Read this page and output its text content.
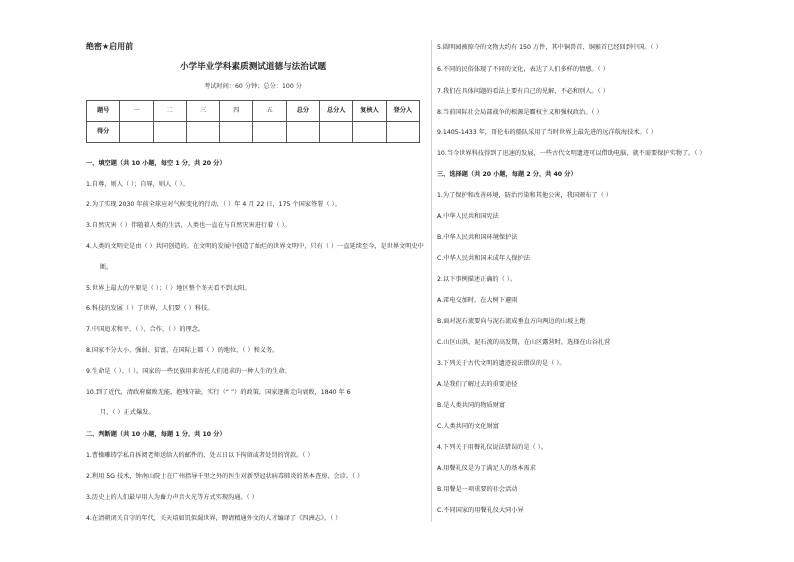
绝密★启用前
小学毕业学科素质测试道德与法治试题
考试时间：60 分钟；总分：100 分
题号	一	二	三	四	五	总分	总分人	复核人	登分人
得分									
一、填空题（共 10 小题，每空 1 分，共 20 分）
1.自尊，则人（ ）；自辱，则人（ ）。
2.为了实现 2030 年前全球应对气候变化的行动，（ ）年 4 月 22 日，175 个国家签署（ ）。
3.自然灾害（ ）伴随着人类的生活，人类也一直在与自然灾害进行着（ ）。
4.人类的文明史是由（ ）共同创造的。在文明的发展中创造了灿烂的世界文明中，只有（ ）一直延续至今，是世界文明史中
断。
5.世界上最大的平原是（ ）；（ ）地区整个冬天看不到太阳。
6.科技的发展（ ）了世界，人们要（ ）科技。
7.中国追求和平、（ ）、合作、（ ）的理念。
8.国家不分大小、强弱、贫富，在国际上都（ ）的地位、（ ）和义务。
9.生命是（ ）、（ ）。国家的一些民族用来寄托人们追求的一种人生的生命。
10.到了近代，清政府腐败无能，抱残守缺，实行（“ ”）的政策，国家逐渐走向衰败，1840 年 6
月，（ ）正式爆发。
二、判断题（共 10 小题，每题 1 分，共 10 分）
1.曹操雕铸学私自拆阅老师送给人的邮件的，处五日以下拘留或者处罚的罚款。（ ）
2.利用 5G 技术，钟南山院士在广州指导千里之外的医生对新型冠状病毒肺炎的基本查房、会诊。（ ）
3.历史上的人们最早用人为畜力声音火光等方式实现沟通。（ ）
4.在清朝闭关自守的年代，关天培如饥似渴世界，聘请精通外文的人才编译了《四洲志》。（ ）
5.圆明园被掠夺的文物大约有 150 万件，其中铜兽首、铜猴首已经回到中国。（ ）
6.不同的民俗体现了不同的文化，表达了人们多样的情感。（ ）
7.我们在具体问题的看法上要有自己的见解，不必和别人。（ ）
8.当前国际社会局部战争的根源是霸权主义和强权政治。（ ）
9.1405-1433 年，哥伦布的船队采用了当时世界上最先进的远洋航海技术。（ ）
10.当今世界科技得到了迅速的发展，一些古代文明遗迹可以借助电脑，就不需要保护实物了。（ ）
三、选择题（共 20 小题，每题 2 分，共 40 分）
1.为了保护和改善环境，防治污染和其他公害，我国颁布了（ ）
A.中华人民共和国宪法
B.中华人民共和国环境保护法
C.中华人民共和国未成年人保护法
2.以下事例描述正确的（ ）。
A.雷电交加时，在大树下避雨
B.面对泥石流要向与泥石流成垂直方向两边的山坡上跑
C.山区山洪、泥石流的高发期，在山区露营时，选择在山谷扎营
3.下列关于古代文明的遗迹说法错误的是（ ）。
A.是我们了解过去的重要途径
B.是人类共同的物质财富
C.人类共同的文化财富
4.下列关于用餐礼仪说法错误的是（ ）。
A.用餐礼仪是为了满足人的基本需求
B.用餐是一项重要的社会活动
C.不同国家的用餐礼仪大同小异
